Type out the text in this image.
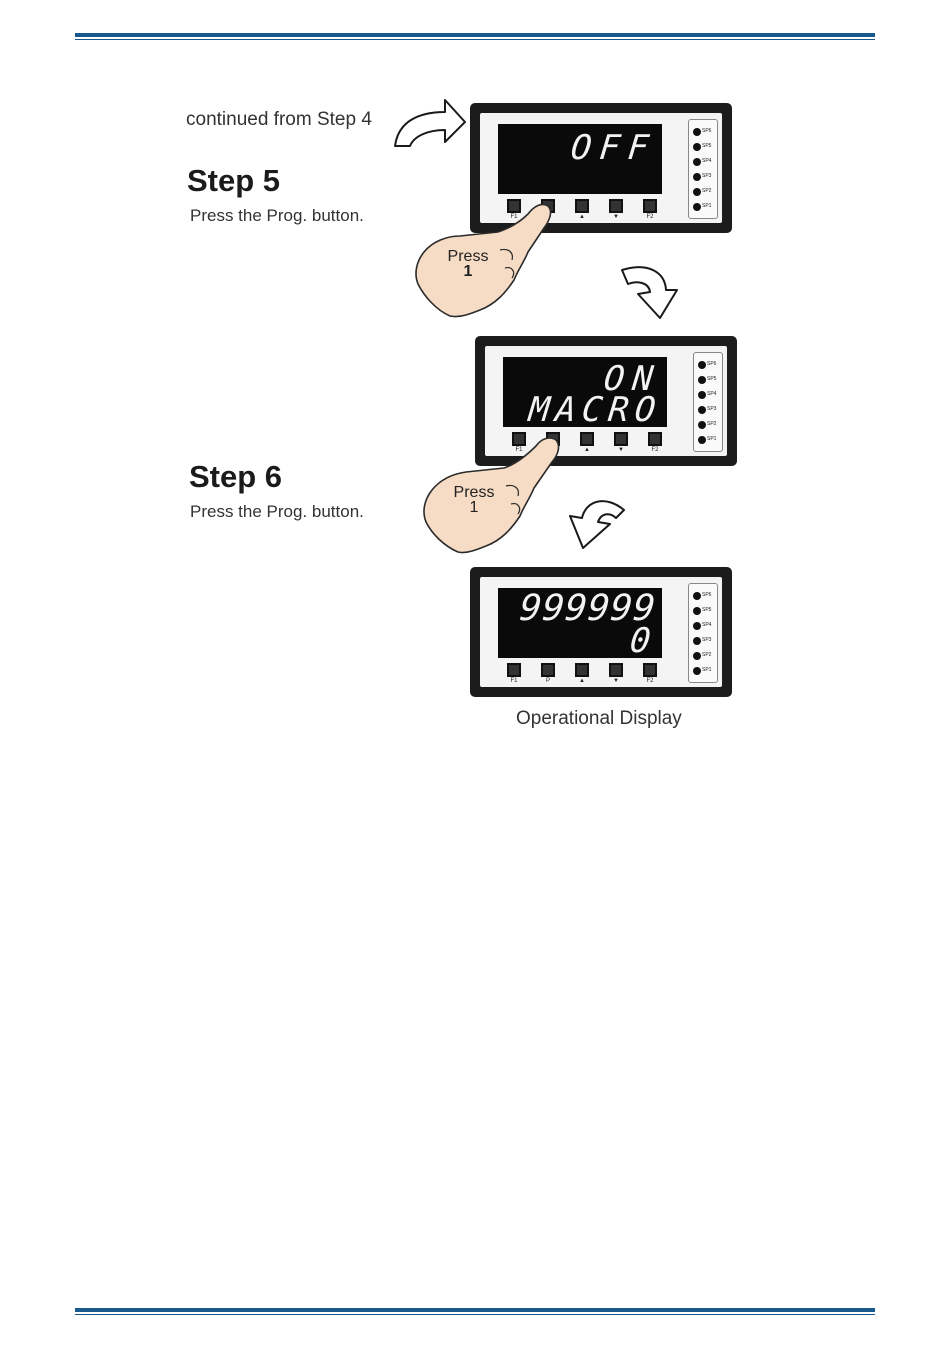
continued from Step 4
Step 5
Press the Prog. button.
Step 6
Press the Prog. button.
OFF	SP6
SP5
SP4
SP3
SP2
SP1
F1	▲	▼	F2
ON
MACRO
SP6
SP5
SP4
SP3
SP2
SP1
F1	▲	▼	F2
999999
0
SP6
SP5
SP4
SP3
SP2
SP1
F1	P	▲	▼	F2
Operational Display
Press
1
Press
1
